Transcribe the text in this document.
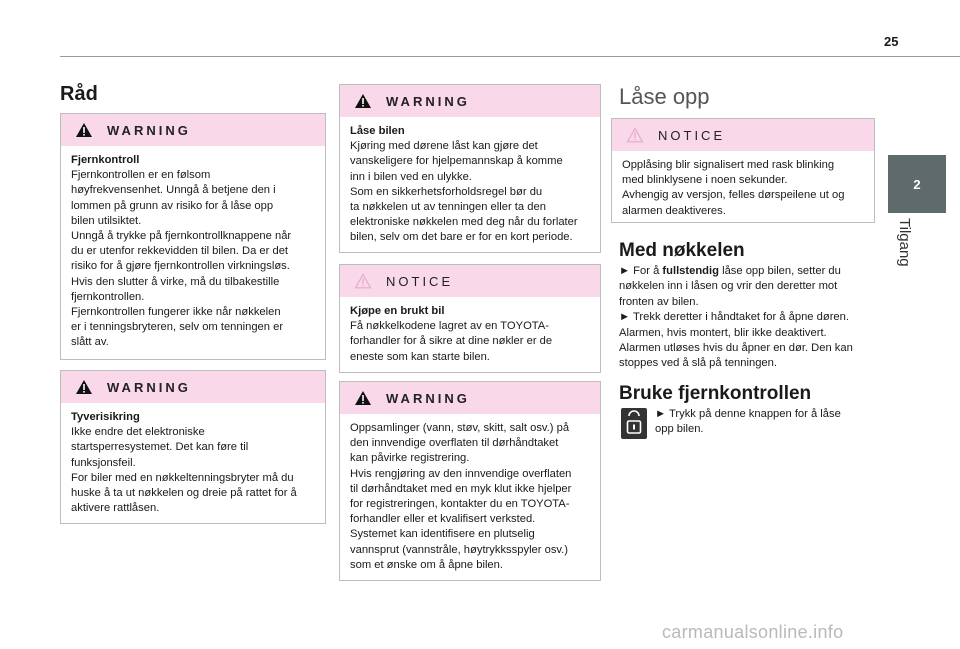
25
2
Tilgang
Råd
WARNING
Fjernkontroll

Fjernkontrollen er en følsom

høyfrekvensenhet. Unngå å betjene den i

lommen på grunn av risiko for å låse opp

bilen utilsiktet.

Unngå å trykke på fjernkontrollknappene når

du er utenfor rekkevidden til bilen. Da er det

risiko for å gjøre fjernkontrollen virkningsløs.

Hvis den slutter å virke, må du tilbakestille

fjernkontrollen.

Fjernkontrollen fungerer ikke når nøkkelen

er i tenningsbryteren, selv om tenningen er

slått av.

WARNING
Tyverisikring

Ikke endre det elektroniske

startsperresystemet. Det kan føre til

funksjonsfeil.

For biler med en nøkkeltenningsbryter må du

huske å ta ut nøkkelen og dreie på rattet for å

aktivere rattlåsen.

WARNING
Låse bilen

Kjøring med dørene låst kan gjøre det

vanskeligere for hjelpemannskap å komme

inn i bilen ved en ulykke.

Som en sikkerhetsforholdsregel bør du

ta nøkkelen ut av tenningen eller ta den

elektroniske nøkkelen med deg når du forlater

bilen, selv om det bare er for en kort periode.

NOTICE
Kjøpe en brukt bil

Få nøkkelkodene lagret av en TOYOTA-

forhandler for å sikre at dine nøkler er de

eneste som kan starte bilen.

WARNING

Oppsamlinger (vann, støv, skitt, salt osv.) på

den innvendige overflaten til dørhåndtaket

kan påvirke registrering.

Hvis rengjøring av den innvendige overflaten

til dørhåndtaket med en myk klut ikke hjelper

for registreringen, kontakter du en TOYOTA-

forhandler eller et kvalifisert verksted.

Systemet kan identifisere en plutselig

vannsprut (vannstråle, høytrykksspyler osv.)

som et ønske om å åpne bilen.

Låse opp
NOTICE

Opplåsing blir signalisert med rask blinking

med blinklysene i noen sekunder.

Avhengig av versjon, felles dørspeilene ut og

alarmen deaktiveres.

Med nøkkelen

► For å fullstendig låse opp bilen, setter du

nøkkelen inn i låsen og vrir den deretter mot

fronten av bilen.

► Trekk deretter i håndtaket for å åpne døren.

Alarmen, hvis montert, blir ikke deaktivert.

Alarmen utløses hvis du åpner en dør. Den kan

stoppes ved å slå på tenningen.

Bruke fjernkontrollen

► Trykk på denne knappen for å låse

opp bilen.

carmanualsonline.info
